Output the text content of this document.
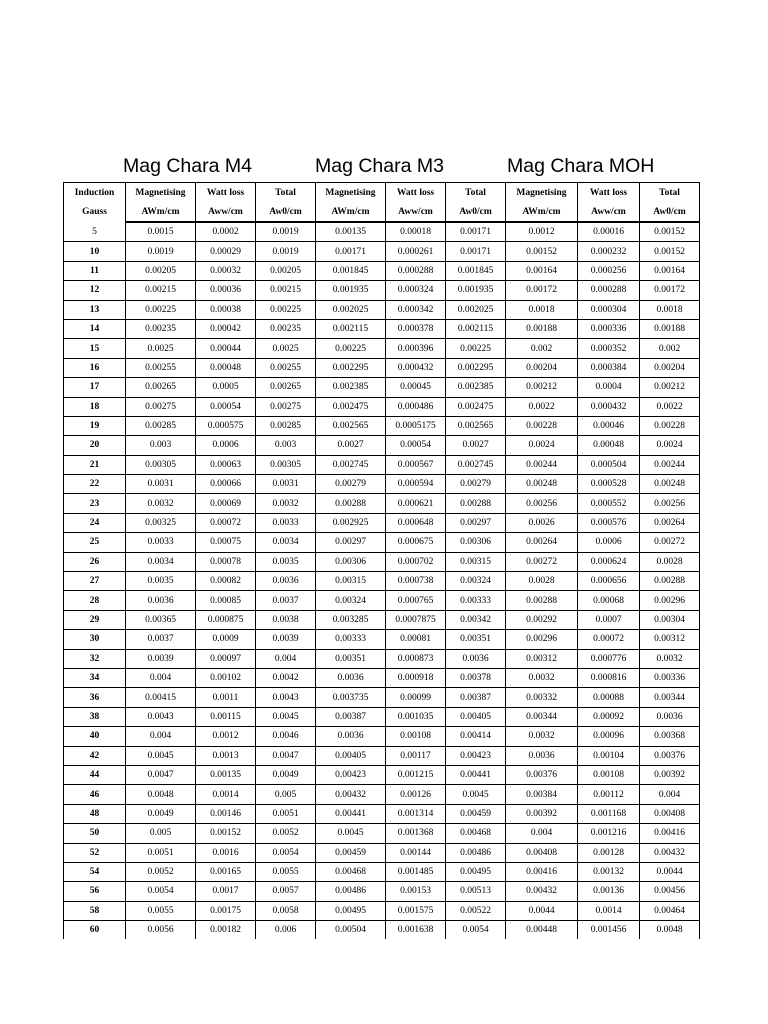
Mag Chara M4	Mag Chara M3	Mag Chara MOH
Induction	Magnetising	Watt loss	Total	Magnetising	Watt loss	Total	Magnetising	Watt loss	Total
Gauss	AWm/cm	Aww/cm	Aw0/cm	AWm/cm	Aww/cm	Aw0/cm	AWm/cm	Aww/cm	Aw0/cm
5	0.0015	0.0002	0.0019	0.00135	0.00018	0.00171	0.0012	0.00016	0.00152
10	0.0019	0.00029	0.0019	0.00171	0.000261	0.00171	0.00152	0.000232	0.00152
11	0.00205	0.00032	0.00205	0.001845	0.000288	0.001845	0.00164	0.000256	0.00164
12	0.00215	0.00036	0.00215	0.001935	0.000324	0.001935	0.00172	0.000288	0.00172
13	0.00225	0.00038	0.00225	0.002025	0.000342	0.002025	0.0018	0.000304	0.0018
14	0.00235	0.00042	0.00235	0.002115	0.000378	0.002115	0.00188	0.000336	0.00188
15	0.0025	0.00044	0.0025	0.00225	0.000396	0.00225	0.002	0.000352	0.002
16	0.00255	0.00048	0.00255	0.002295	0.000432	0.002295	0.00204	0.000384	0.00204
17	0.00265	0.0005	0.00265	0.002385	0.00045	0.002385	0.00212	0.0004	0.00212
18	0.00275	0.00054	0.00275	0.002475	0.000486	0.002475	0.0022	0.000432	0.0022
19	0.00285	0.000575	0.00285	0.002565	0.0005175	0.002565	0.00228	0.00046	0.00228
20	0.003	0.0006	0.003	0.0027	0.00054	0.0027	0.0024	0.00048	0.0024
21	0.00305	0.00063	0.00305	0.002745	0.000567	0.002745	0.00244	0.000504	0.00244
22	0.0031	0.00066	0.0031	0.00279	0.000594	0.00279	0.00248	0.000528	0.00248
23	0.0032	0.00069	0.0032	0.00288	0.000621	0.00288	0.00256	0.000552	0.00256
24	0.00325	0.00072	0.0033	0.002925	0.000648	0.00297	0.0026	0.000576	0.00264
25	0.0033	0.00075	0.0034	0.00297	0.000675	0.00306	0.00264	0.0006	0.00272
26	0.0034	0.00078	0.0035	0.00306	0.000702	0.00315	0.00272	0.000624	0.0028
27	0.0035	0.00082	0.0036	0.00315	0.000738	0.00324	0.0028	0.000656	0.00288
28	0.0036	0.00085	0.0037	0.00324	0.000765	0.00333	0.00288	0.00068	0.00296
29	0.00365	0.000875	0.0038	0.003285	0.0007875	0.00342	0.00292	0.0007	0.00304
30	0.0037	0.0009	0.0039	0.00333	0.00081	0.00351	0.00296	0.00072	0.00312
32	0.0039	0.00097	0.004	0.00351	0.000873	0.0036	0.00312	0.000776	0.0032
34	0.004	0.00102	0.0042	0.0036	0.000918	0.00378	0.0032	0.000816	0.00336
36	0.00415	0.0011	0.0043	0.003735	0.00099	0.00387	0.00332	0.00088	0.00344
38	0.0043	0.00115	0.0045	0.00387	0.001035	0.00405	0.00344	0.00092	0.0036
40	0.004	0.0012	0.0046	0.0036	0.00108	0.00414	0.0032	0.00096	0.00368
42	0.0045	0.0013	0.0047	0.00405	0.00117	0.00423	0.0036	0.00104	0.00376
44	0.0047	0.00135	0.0049	0.00423	0.001215	0.00441	0.00376	0.00108	0.00392
46	0.0048	0.0014	0.005	0.00432	0.00126	0.0045	0.00384	0.00112	0.004
48	0.0049	0.00146	0.0051	0.00441	0.001314	0.00459	0.00392	0.001168	0.00408
50	0.005	0.00152	0.0052	0.0045	0.001368	0.00468	0.004	0.001216	0.00416
52	0.0051	0.0016	0.0054	0.00459	0.00144	0.00486	0.00408	0.00128	0.00432
54	0.0052	0.00165	0.0055	0.00468	0.001485	0.00495	0.00416	0.00132	0.0044
56	0.0054	0.0017	0.0057	0.00486	0.00153	0.00513	0.00432	0.00136	0.00456
58	0.0055	0.00175	0.0058	0.00495	0.001575	0.00522	0.0044	0.0014	0.00464
60	0.0056	0.00182	0.006	0.00504	0.001638	0.0054	0.00448	0.001456	0.0048
